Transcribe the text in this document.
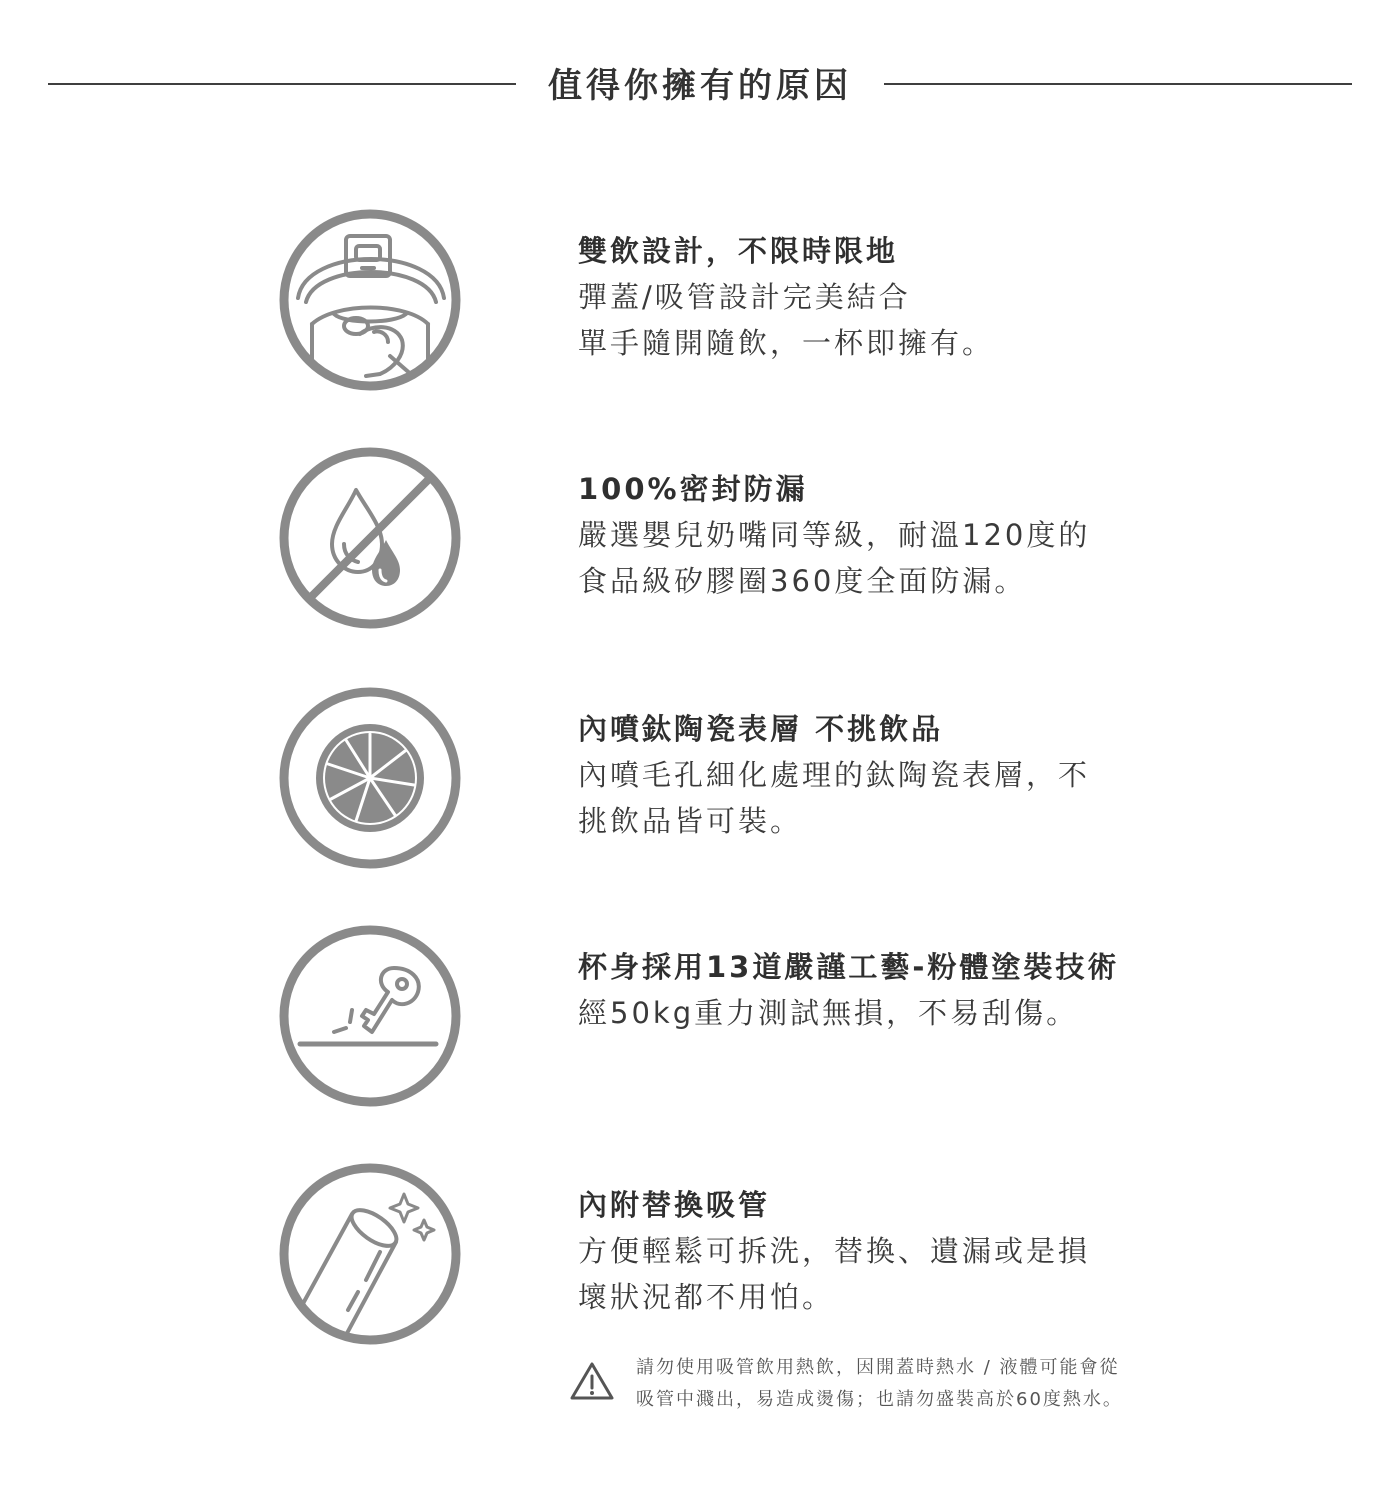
值得你擁有的原因
雙飲設計，不限時限地
彈蓋/吸管設計完美結合
單手隨開隨飲，一杯即擁有。
100%密封防漏
嚴選嬰兒奶嘴同等級，耐溫120度的
食品級矽膠圈360度全面防漏。
內噴鈦陶瓷表層 不挑飲品
內噴毛孔細化處理的鈦陶瓷表層，不
挑飲品皆可裝。
杯身採用13道嚴謹工藝-粉體塗裝技術
經50kg重力測試無損，不易刮傷。
內附替換吸管
方便輕鬆可拆洗，替換、遺漏或是損
壞狀況都不用怕。
請勿使用吸管飲用熱飲，因開蓋時熱水 / 液體可能會從
吸管中濺出，易造成燙傷；也請勿盛裝高於60度熱水。
